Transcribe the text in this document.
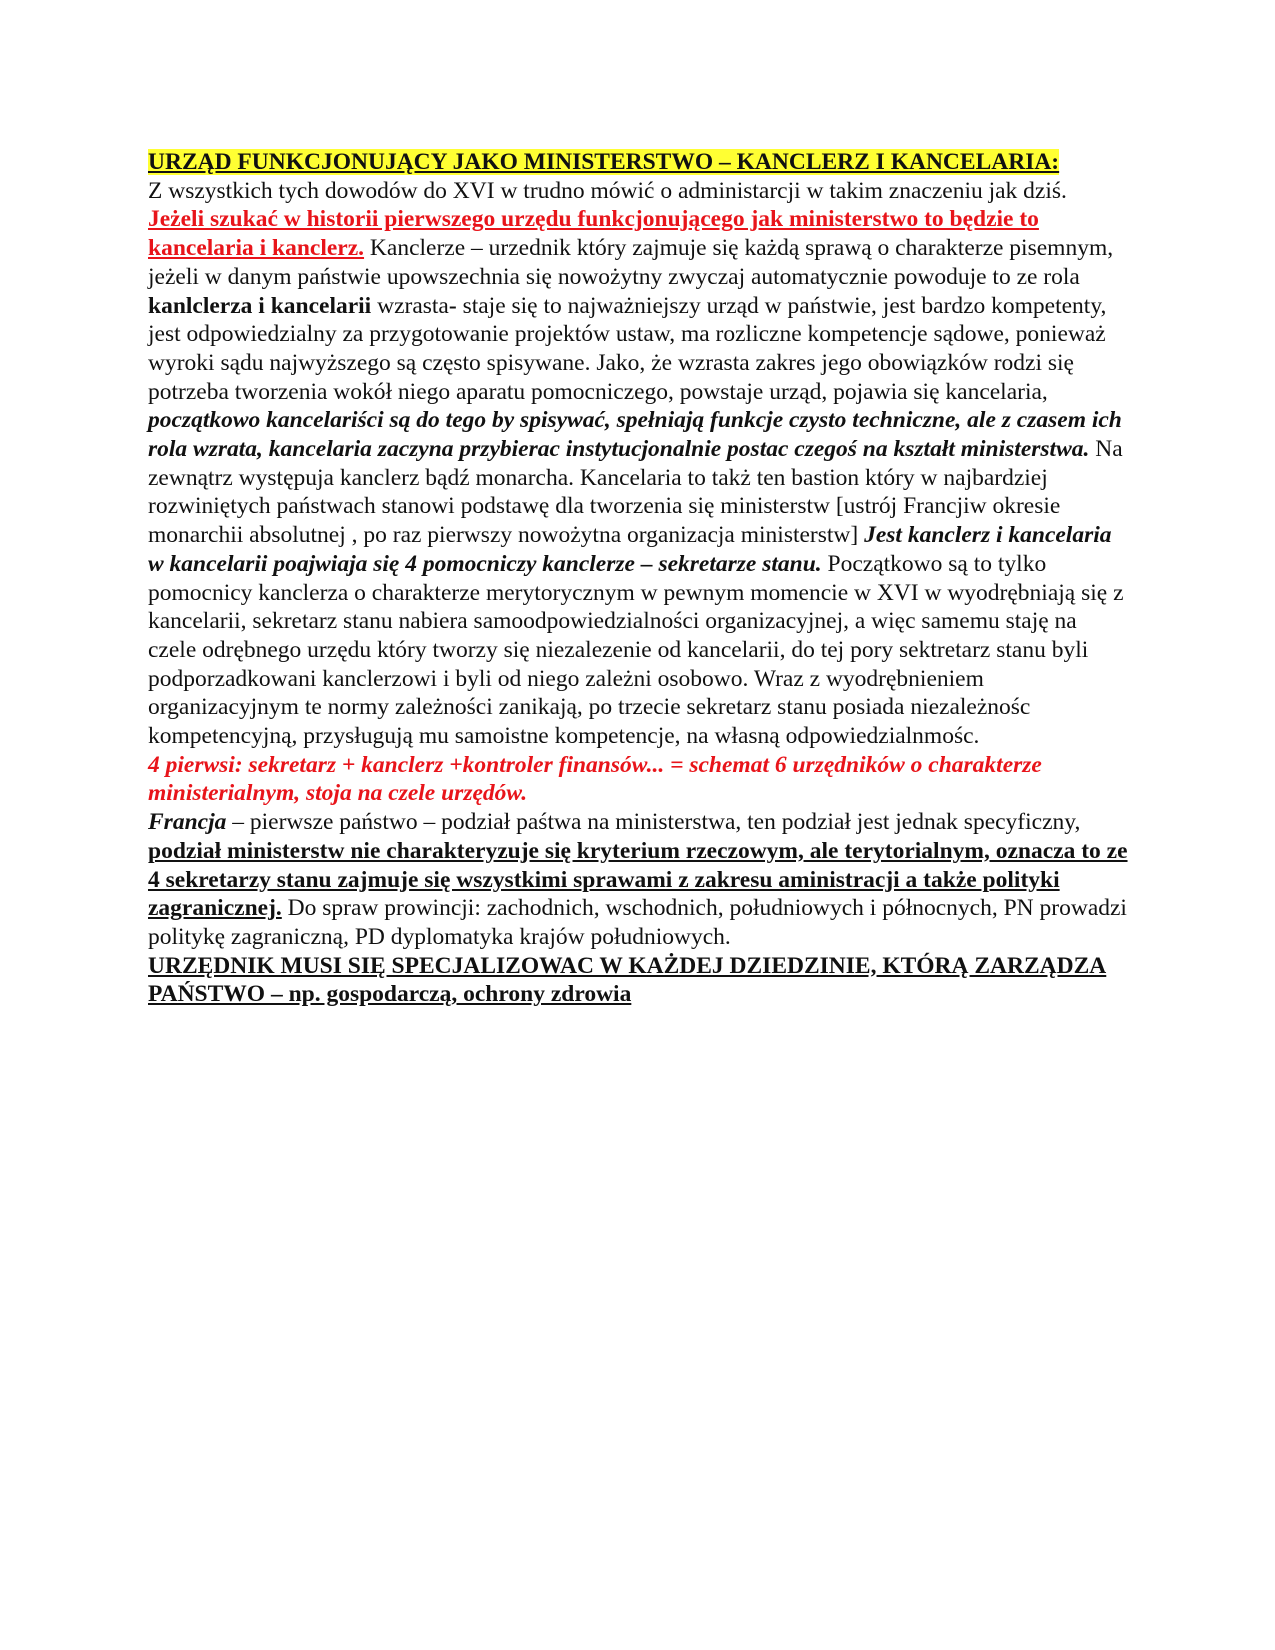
URZĄD FUNKCJONUJĄCY JAKO MINISTERSTWO – KANCLERZ I KANCELARIA:

Z wszystkich tych dowodów do XVI w trudno mówić o administarcji w takim znaczeniu jak dziś. Jeżeli szukać w historii pierwszego urzędu funkcjonującego jak ministerstwo to będzie to kancelaria i kanclerz. Kanclerze – urzednik który zajmuje się każdą sprawą o charakterze pisemnym, jeżeli w danym państwie upowszechnia się nowożytny zwyczaj automatycznie powoduje to ze rola kanlclerza i kancelarii wzrasta- staje się to najważniejszy urząd w państwie, jest bardzo kompetenty, jest odpowiedzialny za przygotowanie projektów ustaw, ma rozliczne kompetencje sądowe, ponieważ wyroki sądu najwyższego są często spisywane. Jako, że wzrasta zakres jego obowiązków rodzi się potrzeba tworzenia wokół niego aparatu pomocniczego, powstaje urząd, pojawia się kancelaria, początkowo kancelariści są do tego by spisywać, spełniają funkcje czysto techniczne, ale z czasem ich rola wzrata, kancelaria zaczyna przybierac instytucjonalnie postac czegoś na kształt ministerstwa. Na zewnątrz występuja kanclerz bądź monarcha. Kancelaria to takż ten bastion który w najbardziej rozwiniętych państwach stanowi podstawę dla tworzenia się ministerstw [ustrój Francjiw okresie monarchii absolutnej , po raz pierwszy nowożytna organizacja ministerstw] Jest kanclerz i kancelaria w kancelarii poajwiaja się 4 pomocniczy kanclerze – sekretarze stanu. Początkowo są to tylko pomocnicy kanclerza o charakterze merytorycznym w pewnym momencie w XVI w wyodrębniają się z kancelarii, sekretarz stanu nabiera samoodpowiedzialności organizacyjnej, a więc samemu staję na czele odrębnego urzędu który tworzy się niezalezenie od kancelarii, do tej pory sektretarz stanu byli podporzadkowani kanclerzowi i byli od niego zależni osobowo. Wraz z wyodrębnieniem organizacyjnym te normy zależności zanikają, po trzecie sekretarz stanu posiada niezależnośc kompetencyjną, przysługują mu samoistne kompetencje, na własną odpowiedzialnmośc.

4 pierwsi: sekretarz + kanclerz +kontroler finansów... = schemat 6 urzędników o charakterze ministerialnym, stoja na czele urzędów.

Francja – pierwsze państwo – podział paśtwa na ministerstwa, ten podział jest jednak specyficzny, podział ministerstw nie charakteryzuje się kryterium rzeczowym, ale terytorialnym, oznacza to ze 4 sekretarzy stanu zajmuje się wszystkimi sprawami z zakresu aministracji a także polityki zagranicznej. Do spraw prowincji: zachodnich, wschodnich, południowych i północnych, PN prowadzi politykę zagraniczną, PD dyplomatyka krajów południowych.

URZĘDNIK MUSI SIĘ SPECJALIZOWAC W KAŻDEJ DZIEDZINIE, KTÓRĄ ZARZĄDZA PAŃSTWO – np. gospodarczą, ochrony zdrowia
